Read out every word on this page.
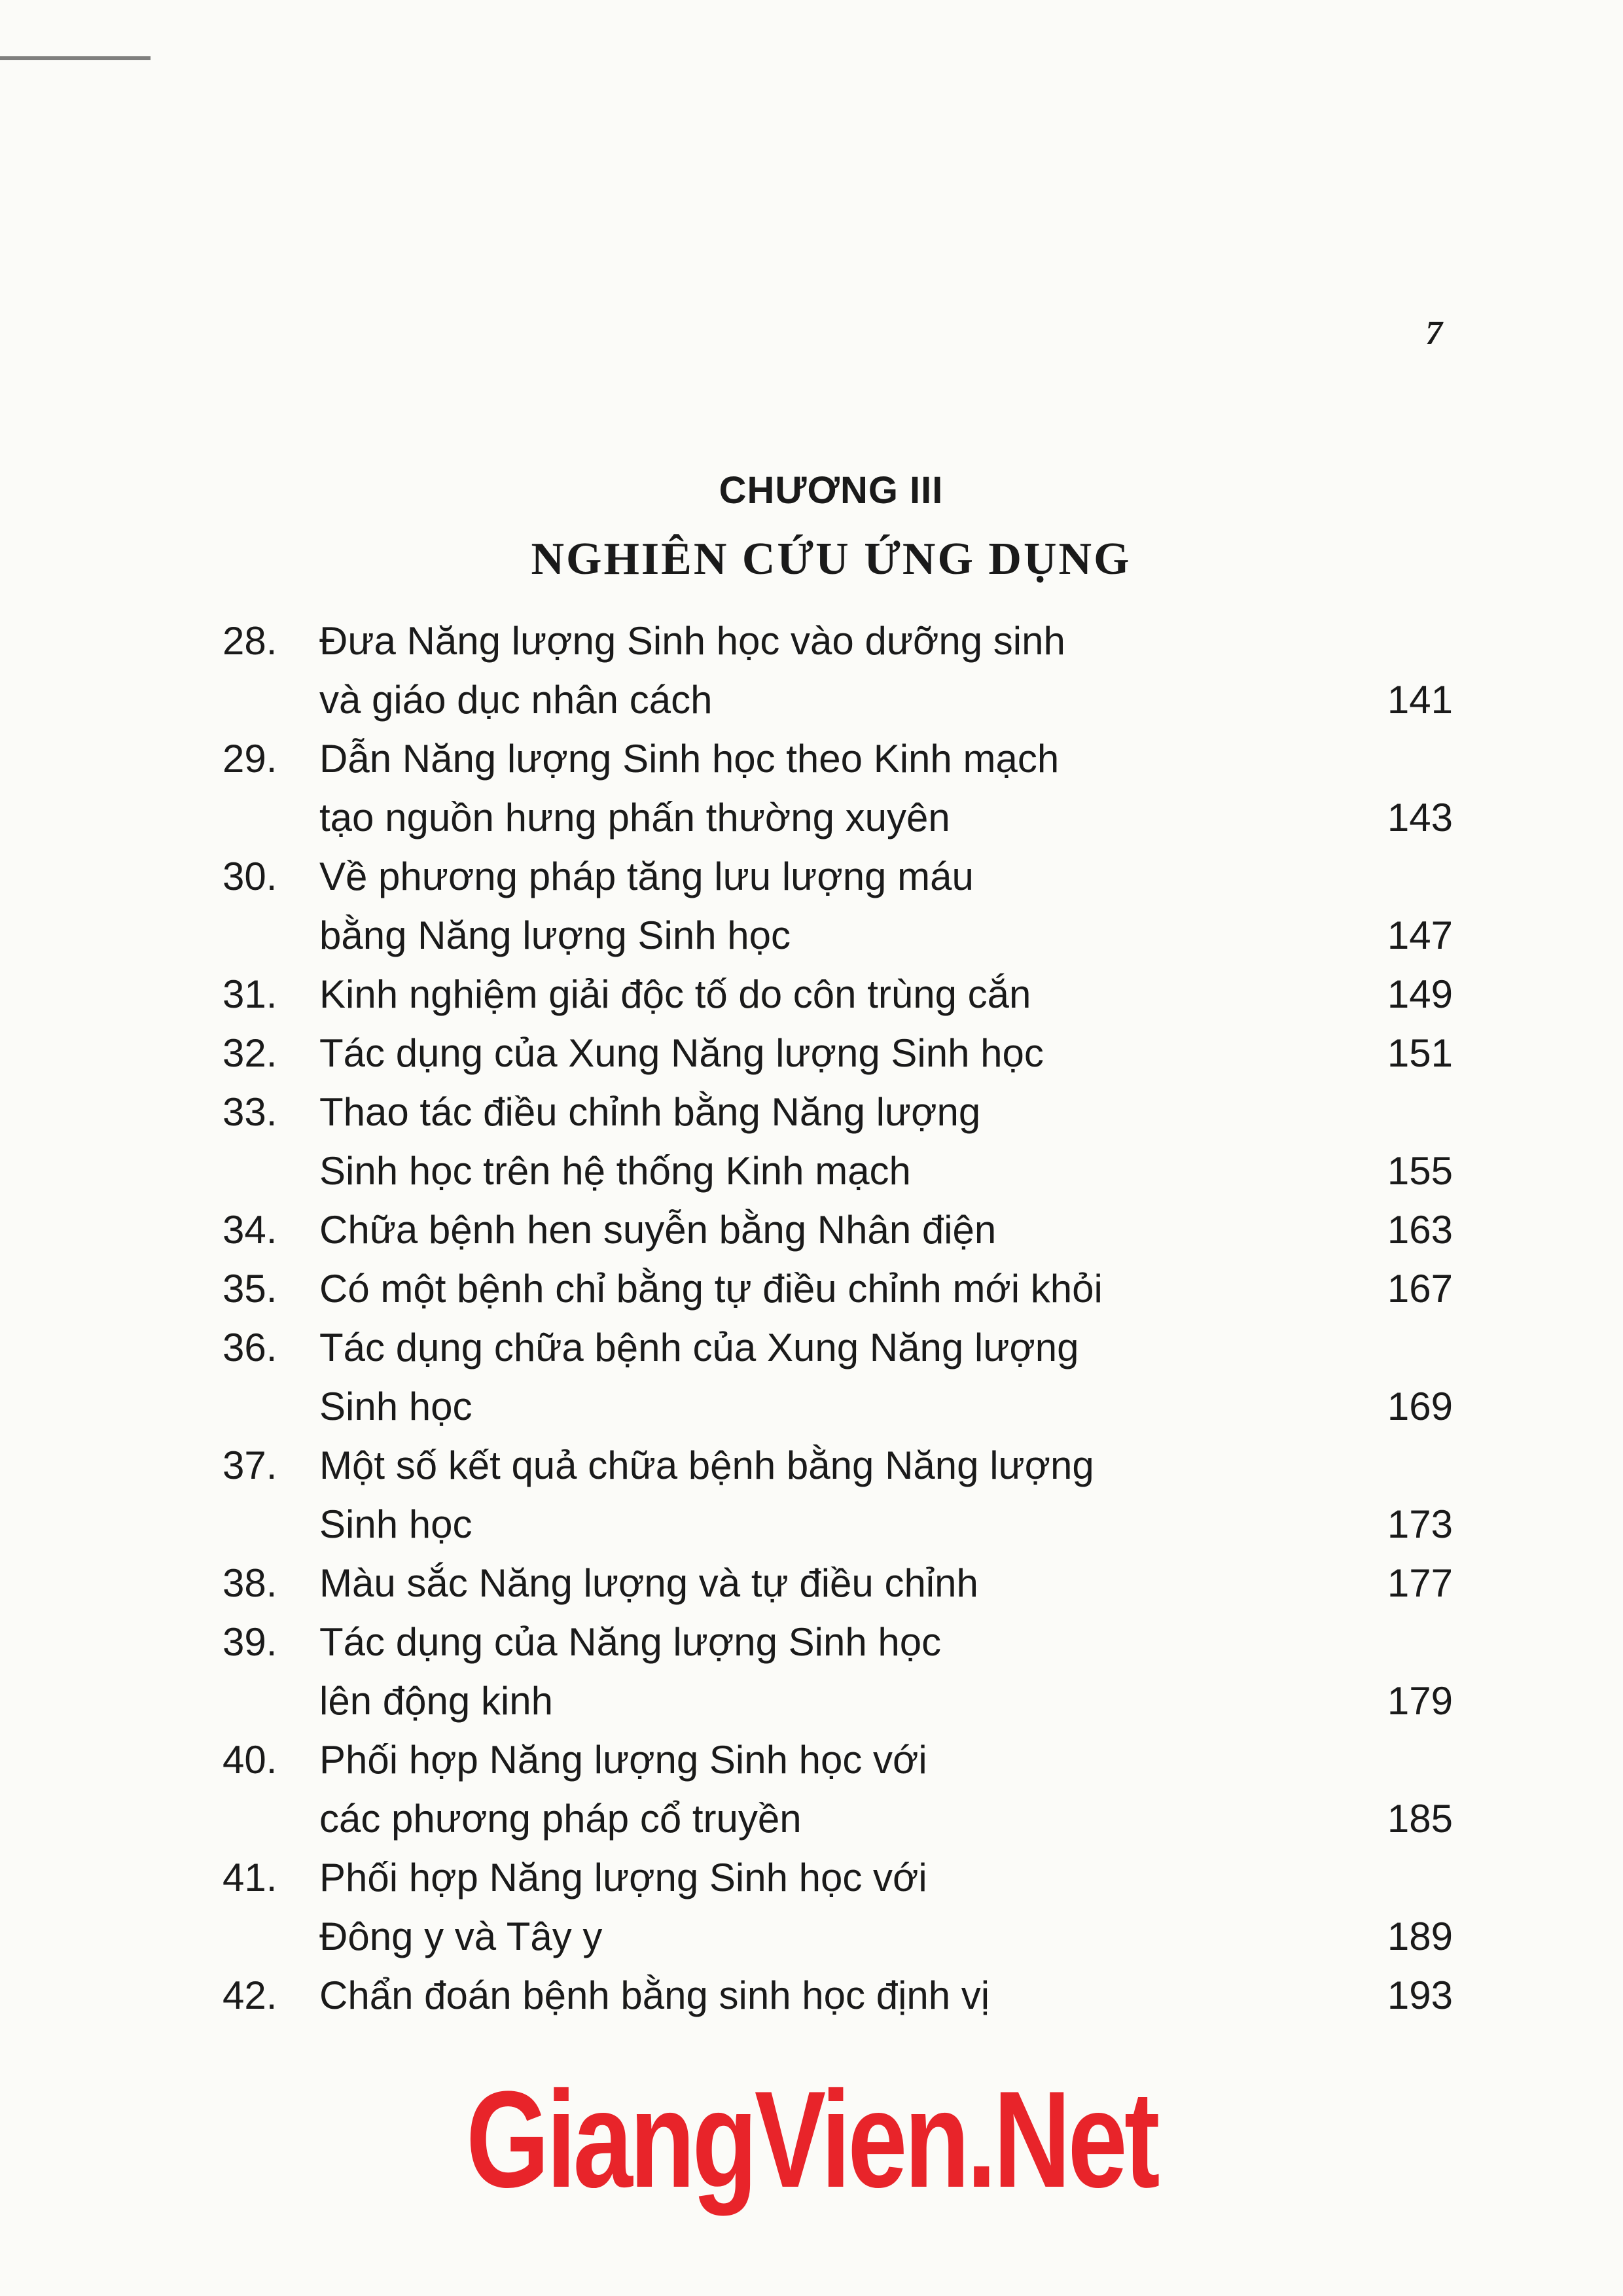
7
CHƯƠNG III
NGHIÊN CỨU ỨNG DỤNG
28.	Đưa Năng lượng Sinh học vào dưỡng sinh
và giáo dục nhân cách	141
29.	Dẫn Năng lượng Sinh học theo Kinh mạch
tạo nguồn hưng phấn thường xuyên	143
30.	Về phương pháp tăng lưu lượng máu
bằng Năng lượng Sinh học	147
31.	Kinh nghiệm giải độc tố do côn trùng cắn	149
32.	Tác dụng của Xung Năng lượng Sinh học	151
33.	Thao tác điều chỉnh bằng Năng lượng
Sinh học trên hệ thống Kinh mạch	155
34.	Chữa bệnh hen suyễn bằng Nhân điện	163
35.	Có một bệnh chỉ bằng tự điều chỉnh mới khỏi	167
36.	Tác dụng chữa bệnh của Xung Năng lượng
Sinh học	169
37.	Một số kết quả chữa bệnh bằng Năng lượng
Sinh học	173
38.	Màu sắc Năng lượng và tự điều chỉnh	177
39.	Tác dụng của Năng lượng Sinh học
lên động kinh	179
40.	Phối hợp Năng lượng Sinh học với
các phương pháp cổ truyền	185
41.	Phối hợp Năng lượng Sinh học với
Đông y và Tây y	189
42.	Chẩn đoán bệnh bằng sinh học định vị	193
GiangVien.Net
